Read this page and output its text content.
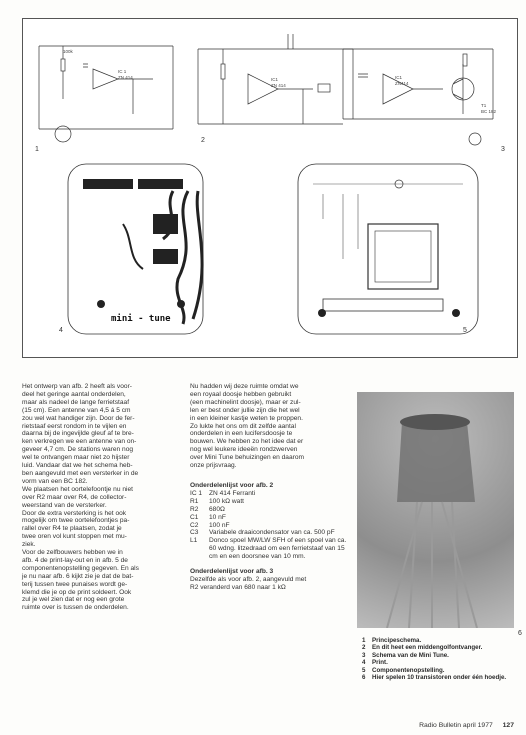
1
2
3
4	5
mini - tune
100k
IC 1
ZN 414	IC1
ZN 414
IC1
ZN414
T1
BC 182

Het ontwerp van afb. 2 heeft als voor-

deel het geringe aantal onderdelen,

maar als nadeel de lange ferrietstaaf

(15 cm). Een antenne van 4,5 á 5 cm

zou wel wat handiger zijn. Door de fer-

rietstaaf eerst rondom in te vijlen en

daarna bij de ingevijlde gleuf af te bre-

ken verkregen we een antenne van on-

geveer 4,7 cm. De stations waren nog

wel te ontvangen maar niet zo hijster

luid. Vandaar dat we het schema heb-

ben aangevuld met een versterker in de

vorm van een BC 182.

We plaatsen het oortelefoontje nu niet

over R2 maar over R4, de collector-

weerstand van de versterker.

Door de extra versterking is het ook

mogelijk om twee oortelefoontjes pa-

rallel over R4 te plaatsen, zodat je

twee oren vol kunt stoppen met mu-

ziek.

Voor de zelfbouwers hebben we in

afb. 4 de print-lay-out en in afb. 5 de

componentenopstelling gegeven. En als

je nu naar afb. 6 kijkt zie je dat de bat-

terij tussen twee punaises wordt ge-

klemd die je op de print soldeert. Ook

zul je wel zien dat er nog een grote

ruimte over is tussen de onderdelen.

Nu hadden wij deze ruimte omdat we

een royaal doosje hebben gebruikt

(een machinelint doosje), maar er zul-

len er best onder jullie zijn die het wel

in een kleiner kastje weten te proppen.

Zo lukte het ons om dit zelfde aantal

onderdelen in een lucifersdoosje te

bouwen. We hebben zo het idee dat er

nog wel leukere ideeën rondzwerven

over Mini Tune behuizingen en daarom

onze prijsvraag.

Onderdelenlijst voor afb. 2

IC 1	ZN 414 Ferranti
R1	100 kΩ watt
R2	680Ω
C1	10 nF
C2	100 nF
C3	Variabele draaicondensator van ca. 500 pF
L1	Donco spoel MW/LW SFH of een spoel van ca. 60 wdng. litzedraad om een ferrietstaaf van 15 cm en een doorsnee van 10 mm.

Onderdelenlijst voor afb. 3

Dezelfde als voor afb. 2, aangevuld met

R2 veranderd van 680 naar 1 kΩ

6
1 Principeschema.
2 En dit heet een middengolfontvanger.
3 Schema van de Mini Tune.
4 Print.
5 Componentenopstelling.
6 Hier spelen 10 transistoren onder één hoedje.
Radio Bulletin april 1977 127
